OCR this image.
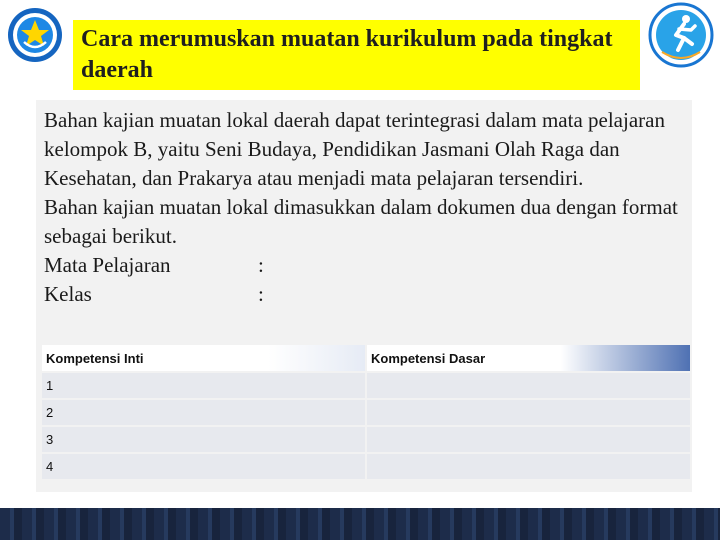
Cara merumuskan muatan kurikulum pada tingkat daerah

Bahan kajian muatan lokal daerah dapat terintegrasi dalam mata pelajaran kelompok B, yaitu Seni Budaya, Pendidikan Jasmani Olah Raga dan Kesehatan, dan Prakarya atau menjadi mata pelajaran tersendiri.

Bahan kajian muatan lokal dimasukkan dalam dokumen dua dengan format sebagai berikut.

Mata Pelajaran	:
Kelas	:
Kompetensi Inti	Kompetensi Dasar
1	
2	
3	
4	
